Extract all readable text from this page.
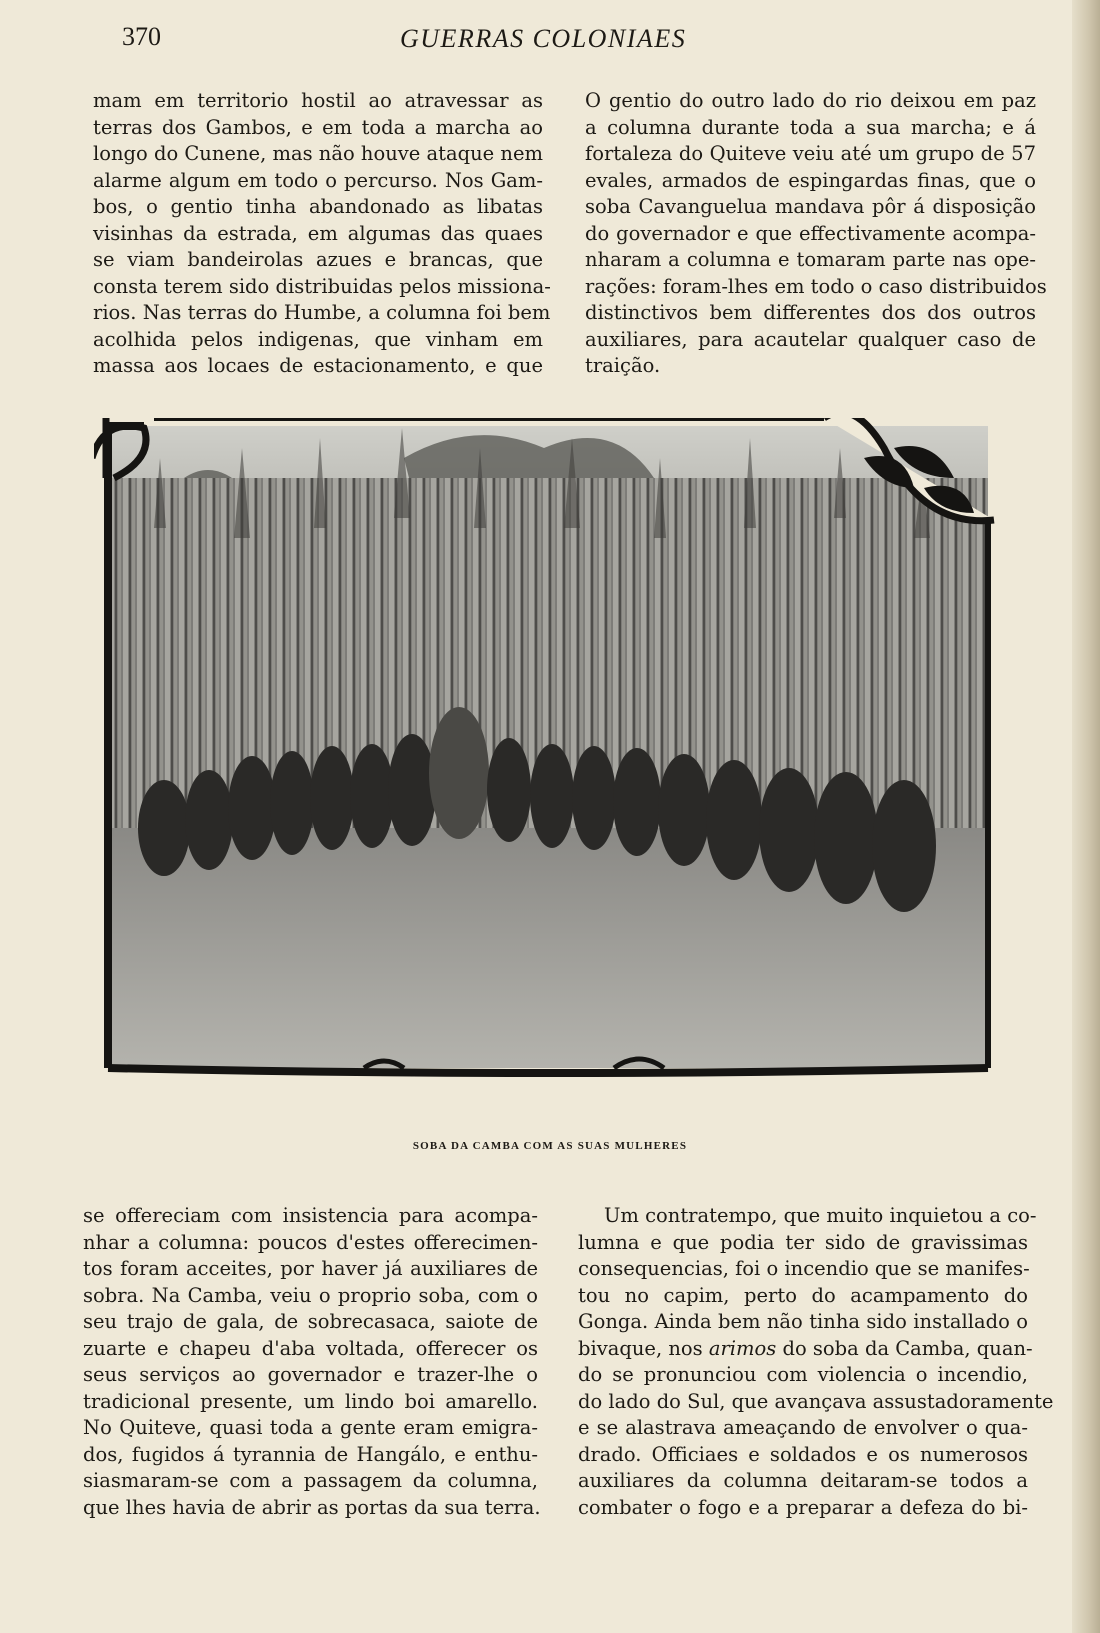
370	GUERRAS COLONIAES

mam em territorio hostil ao atravessar as
terras dos Gambos, e em toda a marcha ao
longo do Cunene, mas não houve ataque nem
alarme algum em todo o percurso. Nos Gam-
bos, o gentio tinha abandonado as libatas
visinhas da estrada, em algumas das quaes
se viam bandeirolas azues e brancas, que
consta terem sido distribuidas pelos missiona-
rios. Nas terras do Humbe, a columna foi bem
acolhida pelos indigenas, que vinham em
massa aos locaes de estacionamento, e que

O gentio do outro lado do rio deixou em paz
a columna durante toda a sua marcha; e á
fortaleza do Quiteve veiu até um grupo de 57
evales, armados de espingardas finas, que o
soba Cavanguelua mandava pôr á disposição
do governador e que effectivamente acompa-
nharam a columna e tomaram parte nas ope-
rações: foram-lhes em todo o caso distribuidos
distinctivos bem differentes dos dos outros
auxiliares, para acautelar qualquer caso de
traição.

SOBA DA CAMBA COM AS SUAS MULHERES

se offereciam com insistencia para acompa-
nhar a columna: poucos d'estes offerecimen-
tos foram acceites, por haver já auxiliares de
sobra. Na Camba, veiu o proprio soba, com o
seu trajo de gala, de sobrecasaca, saiote de
zuarte e chapeu d'aba voltada, offerecer os
seus serviços ao governador e trazer-lhe o
tradicional presente, um lindo boi amarello.
No Quiteve, quasi toda a gente eram emigra-
dos, fugidos á tyrannia de Hangálo, e enthu-
siasmaram-se com a passagem da columna,
que lhes havia de abrir as portas da sua terra.

Um contratempo, que muito inquietou a co-
lumna e que podia ter sido de gravissimas
consequencias, foi o incendio que se manifes-
tou no capim, perto do acampamento do
Gonga. Ainda bem não tinha sido installado o
bivaque, nos arimos do soba da Camba, quan-
do se pronunciou com violencia o incendio,
do lado do Sul, que avançava assustadoramente
e se alastrava ameaçando de envolver o qua-
drado. Officiaes e soldados e os numerosos
auxiliares da columna deitaram-se todos a
combater o fogo e a preparar a defeza do bi-
